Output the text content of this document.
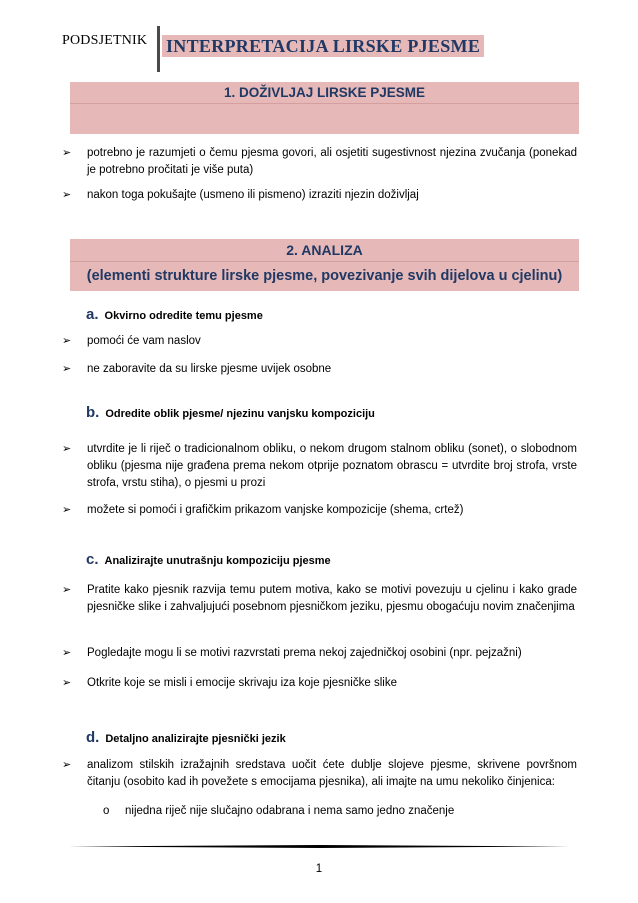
PODSJETNIK INTERPRETACIJA LIRSKE PJESME
1. DOŽIVLJAJ LIRSKE PJESME
➢	potrebno je razumjeti o čemu pjesma govori, ali osjetiti sugestivnost njezina zvučanja (ponekad je potrebno pročitati je više puta)
➢	nakon toga pokušajte (usmeno ili pismeno) izraziti njezin doživljaj
2. ANALIZA
(elementi strukture lirske pjesme, povezivanje svih dijelova u cjelinu)
a. Okvirno odredite temu pjesme
➢	pomoći će vam naslov
➢	ne zaboravite da su lirske pjesme uvijek osobne
b. Odredite oblik pjesme/ njezinu vanjsku kompoziciju
➢	utvrdite je li riječ o tradicionalnom obliku, o nekom drugom stalnom obliku (sonet), o slobodnom obliku (pjesma nije građena prema nekom otprije poznatom obrascu = utvrdite broj strofa, vrste strofa, vrstu stiha), o pjesmi u prozi
➢	možete si pomoći i grafičkim prikazom vanjske kompozicije (shema, crtež)
c. Analizirajte unutrašnju kompoziciju pjesme
➢	Pratite kako pjesnik razvija temu putem motiva, kako se motivi povezuju u cjelinu i kako grade pjesničke slike i zahvaljujući posebnom pjesničkom jeziku, pjesmu obogaćuju novim značenjima
➢	Pogledajte mogu li se motivi razvrstati prema nekoj zajedničkoj osobini (npr. pejzažni)
➢	Otkrite koje se misli i emocije skrivaju iza koje pjesničke slike
d. Detaljno analizirajte pjesnički jezik
➢	analizom stilskih izražajnih sredstava uočit ćete dublje slojeve pjesme, skrivene površnom čitanju (osobito kad ih povežete s emocijama pjesnika), ali imajte na umu nekoliko činjenica:
o nijedna riječ nije slučajno odabrana i nema samo jedno značenje
1
